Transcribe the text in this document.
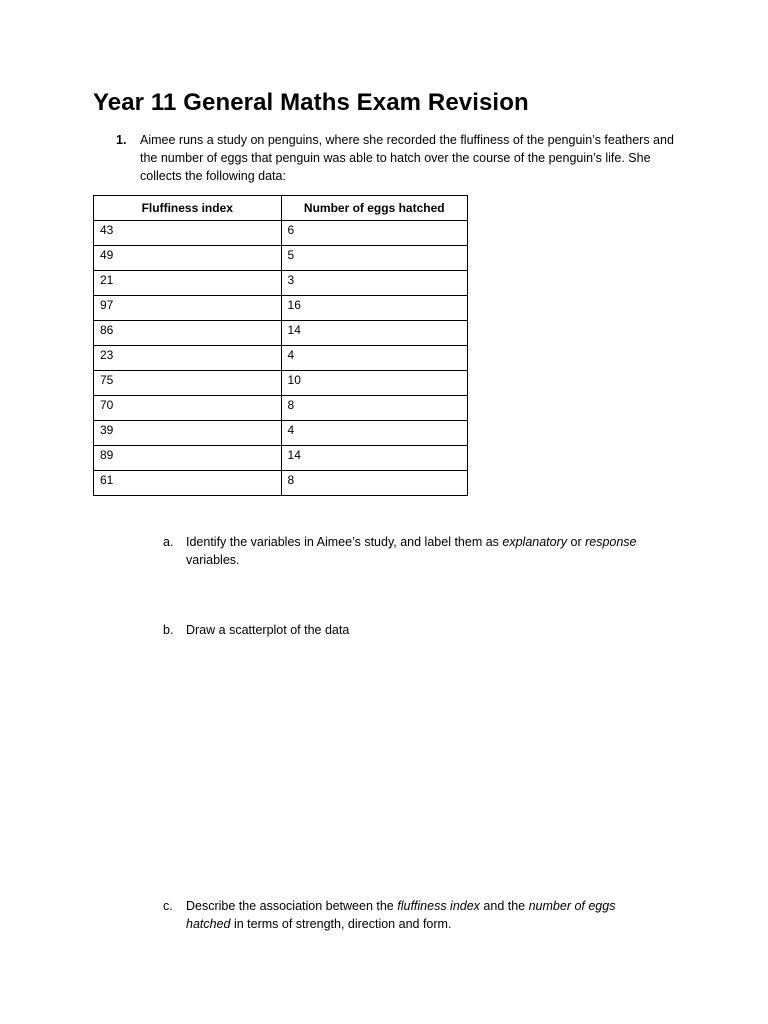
Year 11 General Maths Exam Revision
1. Aimee runs a study on penguins, where she recorded the fluffiness of the penguin’s feathers and the number of eggs that penguin was able to hatch over the course of the penguin’s life. She collects the following data:
Fluffiness index	Number of eggs hatched
43	6
49	5
21	3
97	16
86	14
23	4
75	10
70	8
39	4
89	14
61	8
a. Identify the variables in Aimee’s study, and label them as explanatory or response variables.
b. Draw a scatterplot of the data
c. Describe the association between the fluffiness index and the number of eggs hatched in terms of strength, direction and form.
